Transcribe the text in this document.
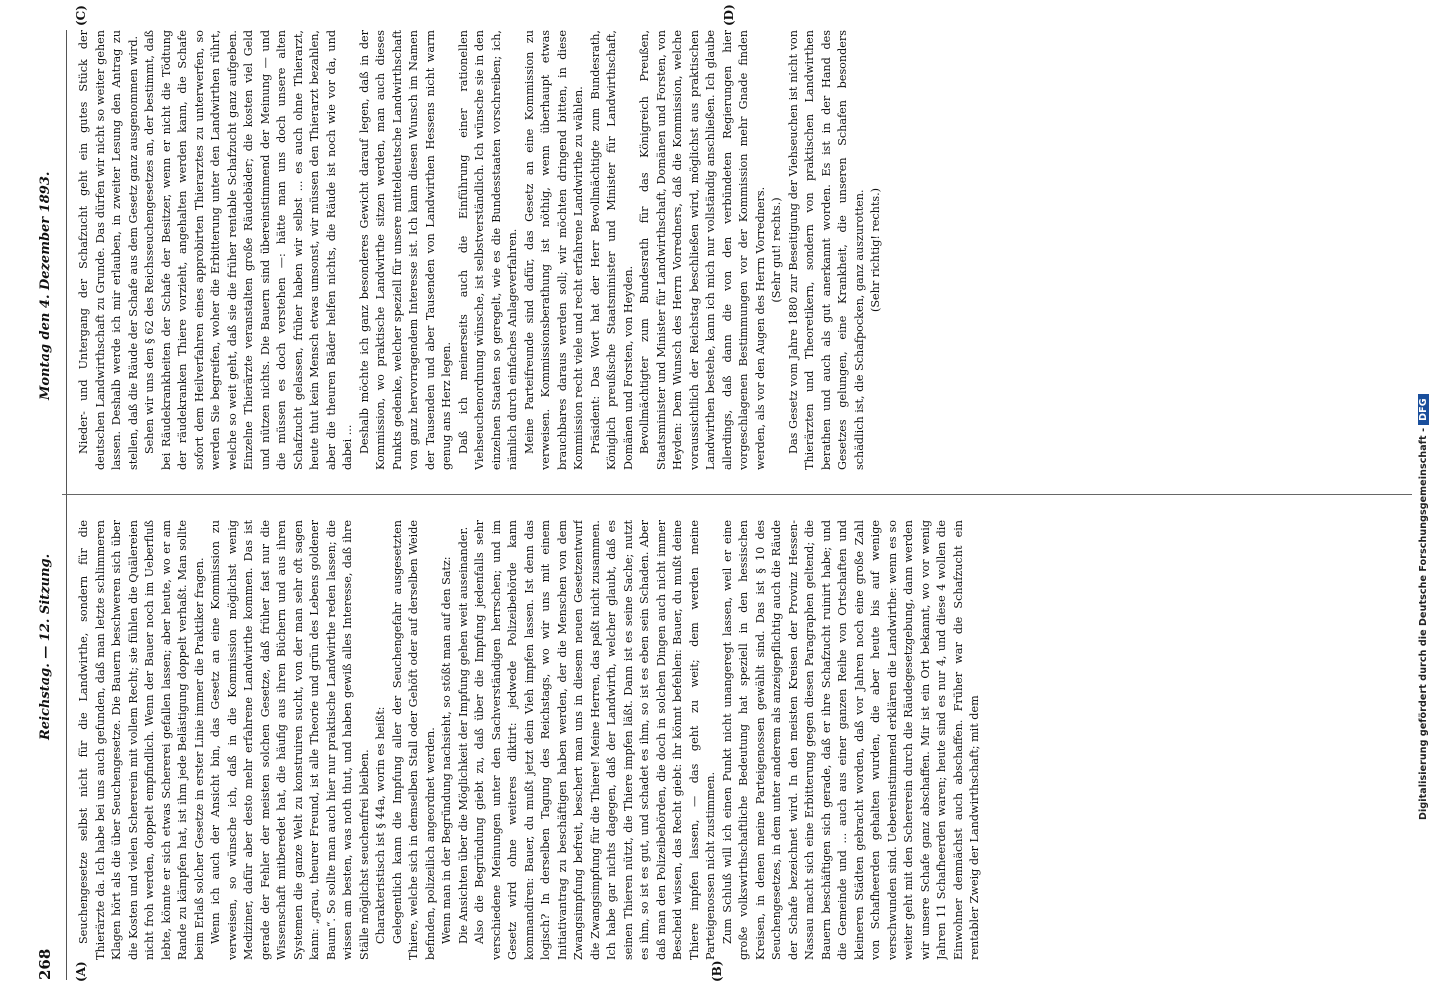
268
Reichstag. — 12. Sitzung.
Montag den 4. Dezember 1893.
(A)	(B)
(C)	(D)

Seuchengesetze selbst nicht für die Landwirthe, sondern für die Thierärzte da. Ich habe bei uns auch gefunden, daß man letzte schlimmeren Klagen hört als die über Seuchengesetze. Die Bauern beschweren sich über die Kosten und vielen Schererein mit vollem Recht; sie fühlen die Quälereien nicht froh werden, doppelt empfindlich. Wenn der Bauer noch im Ueberfluß lebte, könnte er sich etwas Schererei gefallen lassen; aber heute, wo er am Rande zu kämpfen hat, ist ihm jede Belästigung doppelt verhaßt. Man sollte beim Erlaß solcher Gesetze in erster Linie immer die Praktiker fragen. Wenn ich auch der Ansicht bin, das Gesetz an eine Kommission zu verweisen, so wünsche ich, daß in die Kommission möglichst wenig Mediziner, dafür aber desto mehr erfahrene Landwirthe kommen. Das ist gerade der Fehler der meisten solchen Gesetze, daß früher fast nur die Wissenschaft mitberedet hat, die häufig aus ihren Büchern und aus ihren Systemen die ganze Welt zu konstruiren sucht, von der man sehr oft sagen kann: „grau, theurer Freund, ist alle Theorie und grün des Lebens goldener Baum“. So sollte man auch hier nur praktische Landwirthe reden lassen; die wissen am besten, was noth thut, und haben gewiß alles Interesse, daß ihre Ställe möglichst seuchenfrei bleiben. Charakteristisch ist § 44a, worin es heißt: Gelegentlich kann die Impfung aller der Seuchengefahr ausgesetzten Thiere, welche sich in demselben Stall oder Gehöft oder auf derselben Weide befinden, polizeilich angeordnet werden. Wenn man in der Begründung nachsieht, so stößt man auf den Satz: Die Ansichten über die Möglichkeit der Impfung gehen weit auseinander. Also die Begründung giebt zu, daß über die Impfung jedenfalls sehr verschiedene Meinungen unter den Sachverständigen herrschen; und im Gesetz wird ohne weiteres diktirt: jedwede Polizeibehörde kann kommandiren: Bauer, du mußt jetzt dein Vieh impfen lassen. Ist denn das logisch? In derselben Tagung des Reichstags, wo wir uns mit einem Initiativantrag zu beschäftigen haben werden, der die Menschen von dem Zwangsimpfung befreit, beschert man uns in diesem neuen Gesetzentwurf die Zwangsimpfung für die Thiere! Meine Herren, das paßt nicht zusammen. Ich habe gar nichts dagegen, daß der Landwirth, welcher glaubt, daß es seinen Thieren nützt, die Thiere impfen läßt. Dann ist es seine Sache; nutzt es ihm, so ist es gut, und schadet es ihm, so ist es eben sein Schaden. Aber daß man den Polizeibehörden, die doch in solchen Dingen auch nicht immer Bescheid wissen, das Recht giebt: ihr könnt befehlen: Bauer, du mußt deine Thiere impfen lassen, — das geht zu weit; dem werden meine Parteigenossen nicht zustimmen. Zum Schluß will ich einen Punkt nicht unangeregt lassen, weil er eine große volkswirthschaftliche Bedeutung hat speziell in den hessischen Kreisen, in denen meine Parteigenossen gewählt sind. Das ist § 10 des Seuchengesetzes, in dem unter anderem als anzeigepflichtig auch die Räude der Schafe bezeichnet wird. In den meisten Kreisen der Provinz Hessen-Nassau macht sich eine Erbitterung gegen diesen Paragraphen geltend; die Bauern beschäftigen sich gerade, daß er ihre Schafzucht ruinirt habe; und die Gemeinde und ... auch aus einer ganzen Reihe von Ortschaften und kleineren Städten gebracht worden, daß vor Jahren noch eine große Zahl von Schafheerden gehalten wurden, die aber heute bis auf wenige verschwunden sind. Uebereinstimmend erklären die Landwirthe: wenn es so weiter geht mit den Schererein durch die Räudegesetzgebung, dann werden wir unsere Schafe ganz abschaffen. Mir ist ein Ort bekannt, wo vor wenig Jahren 11 Schafheerden waren; heute sind es nur 4, und diese 4 wollen die Einwohner demnächst auch abschaffen. Früher war die Schafzucht ein rentabler Zweig der Landwirthschaft; mit dem

Nieder- und Untergang der Schafzucht geht ein gutes Stück der deutschen Landwirthschaft zu Grunde. Das dürfen wir nicht so weiter gehen lassen. Deshalb werde ich mir erlauben, in zweiter Lesung den Antrag zu stellen, daß die Räude der Schafe aus dem Gesetz ganz ausgenommen wird. Sehen wir uns den § 62 des Reichsseuchengesetzes an, der bestimmt, daß bei Räudekrankheiten der Schafe der Besitzer, wenn er nicht die Tödtung der räudekranken Thiere vorzieht, angehalten werden kann, die Schafe sofort dem Heilverfahren eines approbirten Thierarztes zu unterwerfen, so werden Sie begreifen, woher die Erbitterung unter den Landwirthen rührt, welche so weit geht, daß sie die früher rentable Schafzucht ganz aufgeben. Einzelne Thierärzte veranstalten große Räudebäder; die kosten viel Geld und nützen nichts. Die Bauern sind übereinstimmend der Meinung — und die müssen es doch verstehen —: hätte man uns doch unsere alten Schafzucht gelassen, früher haben wir selbst ... es auch ohne Thierarzt, heute thut kein Mensch etwas umsonst, wir müssen den Thierarzt bezahlen, aber die theuren Bäder helfen nichts, die Räude ist noch wie vor da, und dabei ... Deshalb möchte ich ganz besonderes Gewicht darauf legen, daß in der Kommission, wo praktische Landwirthe sitzen werden, man auch dieses Punkts gedenke, welcher speziell für unsere mitteldeutsche Landwirthschaft von ganz hervorragendem Interesse ist. Ich kann diesen Wunsch im Namen der Tausenden und aber Tausenden von Landwirthen Hessens nicht warm genug ans Herz legen. Daß ich meinerseits auch die Einführung einer rationellen Viehseuchenordnung wünsche, ist selbstverständlich. Ich wünsche sie in den einzelnen Staaten so geregelt, wie es die Bundesstaaten vorschreiben; ich, nämlich durch einfaches Anlageverfahren. Meine Parteifreunde sind dafür, das Gesetz an eine Kommission zu verweisen. Kommissionsberathung ist nöthig, wenn überhaupt etwas brauchbares daraus werden soll; wir möchten dringend bitten, in diese Kommission recht viele und recht erfahrene Landwirthe zu wählen. Präsident: Das Wort hat der Herr Bevollmächtigte zum Bundesrath, Königlich preußische Staatsminister und Minister für Landwirthschaft, Domänen und Forsten, von Heyden. Bevollmächtigter zum Bundesrath für das Königreich Preußen, Staatsminister und Minister für Landwirthschaft, Domänen und Forsten, von Heyden: Dem Wunsch des Herrn Vorredners, daß die Kommission, welche voraussichtlich der Reichstag beschließen wird, möglichst aus praktischen Landwirthen bestehe, kann ich mich nur vollständig anschließen. Ich glaube allerdings, daß dann die von den verbündeten Regierungen hier vorgeschlagenen Bestimmungen vor der Kommission mehr Gnade finden werden, als vor den Augen des Herrn Vorredners. (Sehr gut! rechts.) Das Gesetz vom Jahre 1880 zur Beseitigung der Viehseuchen ist nicht von Thierärzten und Theoretikern, sondern von praktischen Landwirthen berathen und auch als gut anerkannt worden. Es ist in der Hand des Gesetzes gelungen, eine Krankheit, die unseren Schafen besonders schädlich ist, die Schafpocken, ganz auszurotten. (Sehr richtig! rechts.)

Digitalisierung gefördert durch die Deutsche Forschungsgemeinschaft -DFG
